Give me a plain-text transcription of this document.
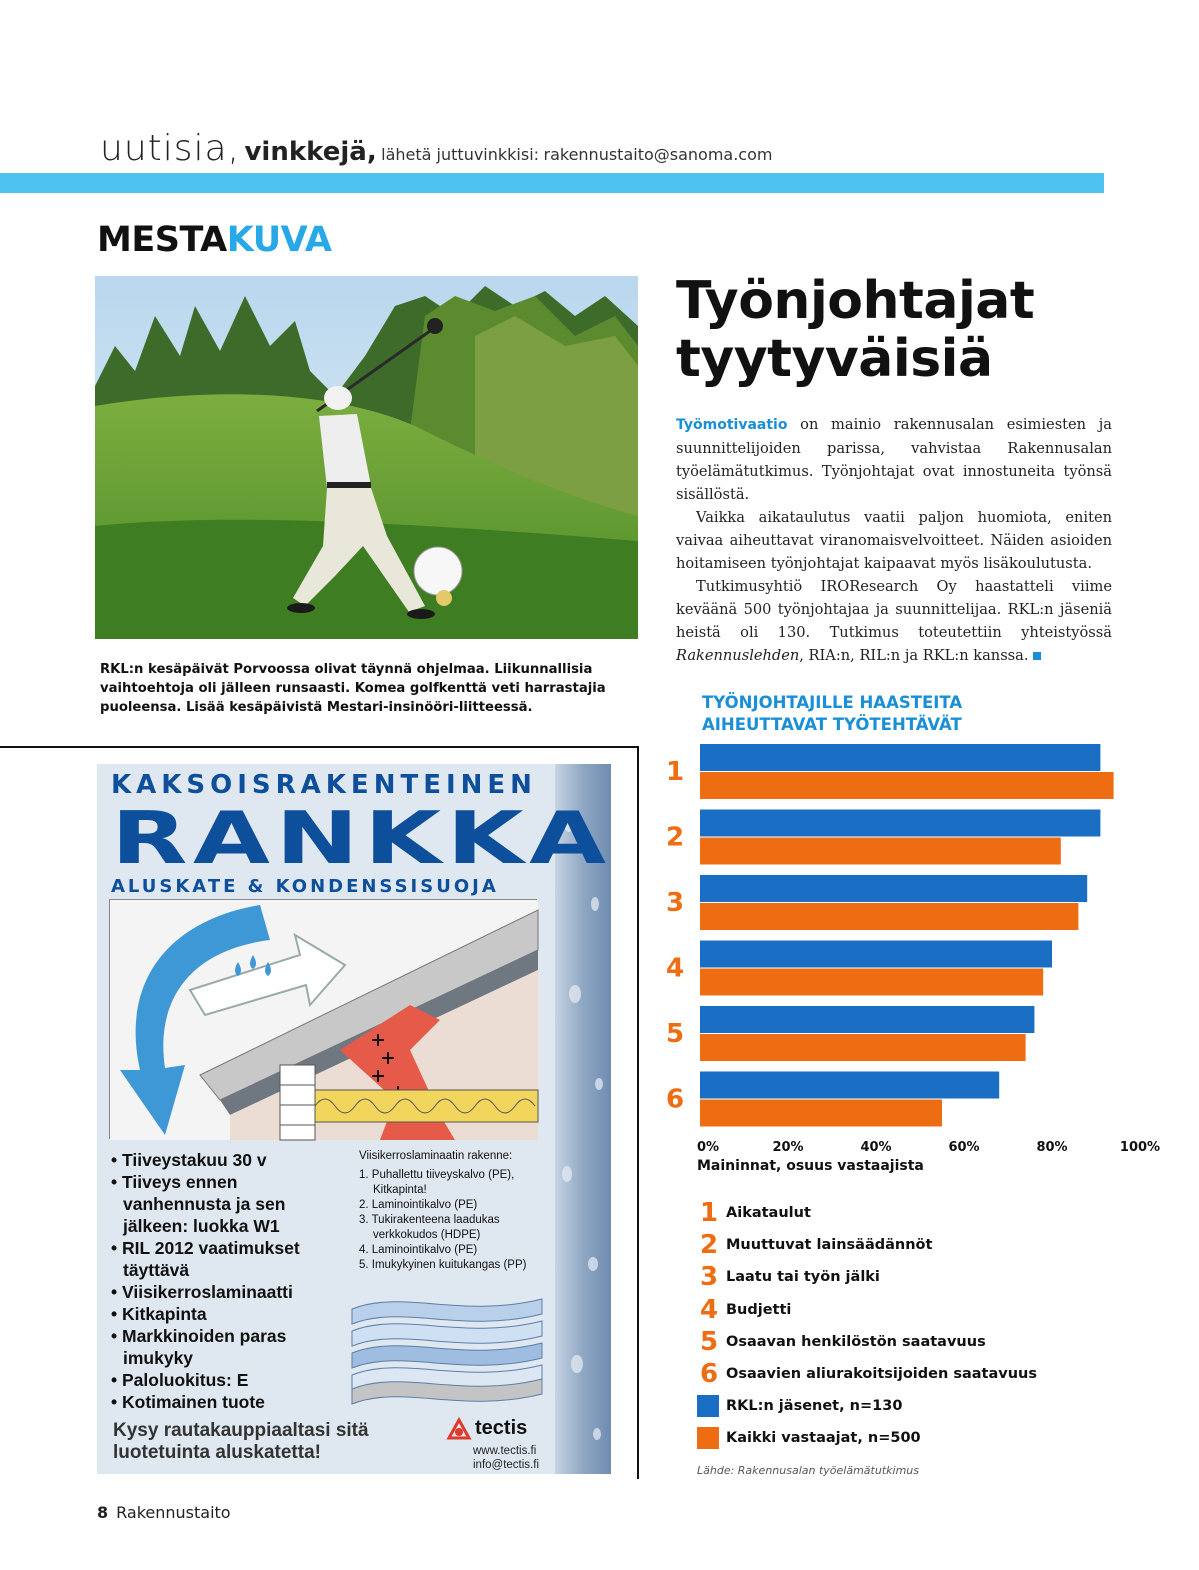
uutisia, vinkkejä, lähetä juttuvinkkisi: rakennustaito@sanoma.com
MESTAKUVA
RKL:n kesäpäivät Porvoossa olivat täynnä ohjelmaa. Liikunnallisia vaihtoehtoja oli jälleen runsaasti. Komea golfkenttä veti harrastajia puoleensa. Lisää kesäpäivistä Mestari-insinööri-liitteessä.
Työnjohtajat
tyytyväisiä

Työmotivaatio on mainio rakennusalan esimiesten ja suunnittelijoiden parissa, vahvistaa Rakennusalan työelämätutkimus. Työnjohtajat ovat innostuneita työnsä sisällöstä.

Vaikka aikataulutus vaatii paljon huomiota, eniten vaivaa aiheuttavat viranomaisvelvoitteet. Näiden asioiden hoitamiseen työnjohtajat kaipaavat myös lisäkoulutusta.

Tutkimusyhtiö IROResearch Oy haastatteli viime keväänä 500 työnjohtajaa ja suunnittelijaa. RKL:n jäseniä heistä oli 130. Tutkimus toteutettiin yhteistyössä Rakennuslehden, RIA:n, RIL:n ja RKL:n kanssa.

TYÖNJOHTAJILLE HAASTEITA
AIHEUTTAVAT TYÖTEHTÄVÄT
1
2
3
4
5
6
0%	20%	40%	60%	80%	100%
Maininnat, osuus vastaajista
1 Aikataulut
2 Muuttuvat lainsäädännöt
3 Laatu tai työn jälki
4 Budjetti
5 Osaavan henkilöstön saatavuus
6 Osaavien aliurakoitsijoiden saatavuus
RKL:n jäsenet, n=130
Kaikki vastaajat, n=500
Lähde: Rakennusalan työelämätutkimus
KAKSOISRAKENTEINEN
RANKKA
ALUSKATE & KONDENSSISUOJA
• Tiiveystakuu 30 v
• Tiiveys ennen vanhennusta ja sen jälkeen: luokka W1
• RIL 2012 vaatimukset täyttävä
• Viisikerroslaminaatti
• Kitkapinta
• Markkinoiden paras imukyky
• Paloluokitus: E
• Kotimainen tuote
Viisikerroslaminaatin rakenne:
1. Puhallettu tiiveyskalvo (PE), Kitkapinta!
2. Laminointikalvo (PE)
3. Tukirakenteena laadukas verkkokudos (HDPE)
4. Laminointikalvo (PE)
5. Imukykyinen kuitukangas (PP)
Kysy rautakauppiaaltasi sitä
luotetuinta aluskatetta!
tectis
www.tectis.fi
info@tectis.fi
8 Rakennustaito
